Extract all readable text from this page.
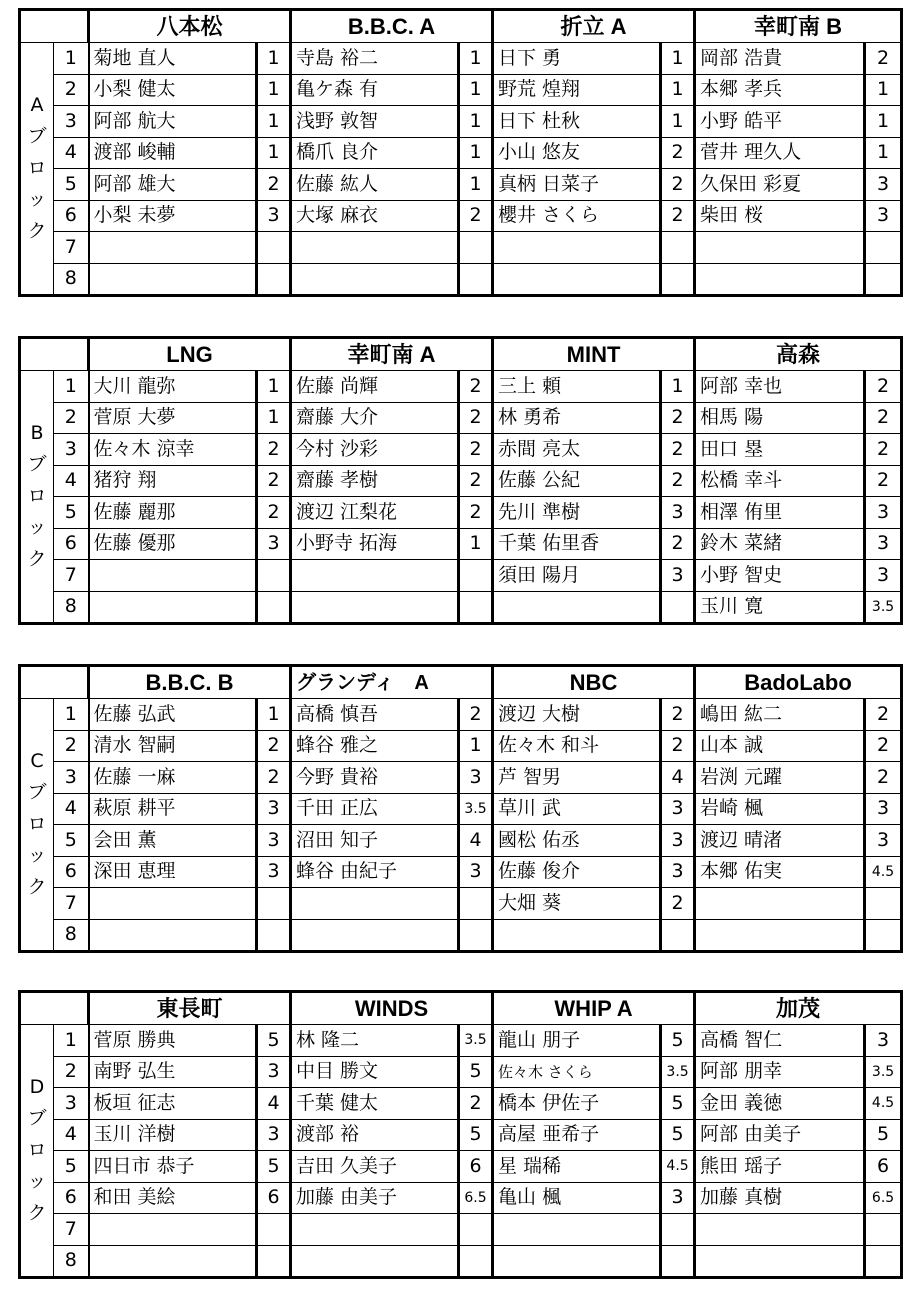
		八本松		B.B.C. A		折立 A		幸町南 B	

A
ブ
ロ
ッ
ク	1	菊地 直人	1	寺島 裕二	1	日下 勇	1	岡部 浩貴	2
	2	小梨 健太	1	亀ケ森 有	1	野荒 煌翔	1	本郷 孝兵	1
	3	阿部 航大	1	浅野 敦智	1	日下 杜秋	1	小野 皓平	1
	4	渡部 峻輔	1	橋爪 良介	1	小山 悠友	2	菅井 理久人	1
	5	阿部 雄大	2	佐藤 紘人	1	真柄 日菜子	2	久保田 彩夏	3
	6	小梨 未夢	3	大塚 麻衣	2	櫻井 さくら	2	柴田 桜	3
	7								
	8								
		LNG		幸町南 A		MINT		高森	

B
ブ
ロ
ッ
ク	1	大川 龍弥	1	佐藤 尚輝	2	三上 頼	1	阿部 幸也	2
	2	菅原 大夢	1	齋藤 大介	2	林 勇希	2	相馬 陽	2
	3	佐々木 涼幸	2	今村 沙彩	2	赤間 亮太	2	田口 塁	2
	4	猪狩 翔	2	齋藤 孝樹	2	佐藤 公紀	2	松橋 幸斗	2
	5	佐藤 麗那	2	渡辺 江梨花	2	先川 準樹	3	相澤 侑里	3
	6	佐藤 優那	3	小野寺 拓海	1	千葉 佑里香	2	鈴木 菜緒	3
	7					須田 陽月	3	小野 智史	3
	8							玉川 寛	3.5
		B.B.C. B		グランディ　A		NBC		BadoLabo	

C
ブ
ロ
ッ
ク	1	佐藤 弘武	1	高橋 慎吾	2	渡辺 大樹	2	嶋田 紘二	2
	2	清水 智嗣	2	蜂谷 雅之	1	佐々木 和斗	2	山本 誠	2
	3	佐藤 一麻	2	今野 貴裕	3	芦 智男	4	岩渕 元躍	2
	4	萩原 耕平	3	千田 正広	3.5	草川 武	3	岩崎 楓	3
	5	会田 薫	3	沼田 知子	4	國松 佑丞	3	渡辺 晴渚	3
	6	深田 恵理	3	蜂谷 由紀子	3	佐藤 俊介	3	本郷 佑実	4.5
	7					大畑 葵	2		
	8								
		東長町		WINDS		WHIP A		加茂	

D
ブ
ロ
ッ
ク	1	菅原 勝典	5	林 隆二	3.5	龍山 朋子	5	高橋 智仁	3
	2	南野 弘生	3	中目 勝文	5	佐々木 さくら	3.5	阿部 朋幸	3.5
	3	板垣 征志	4	千葉 健太	2	橋本 伊佐子	5	金田 義徳	4.5
	4	玉川 洋樹	3	渡部 裕	5	高屋 亜希子	5	阿部 由美子	5
	5	四日市 恭子	5	吉田 久美子	6	星 瑞稀	4.5	熊田 瑶子	6
	6	和田 美絵	6	加藤 由美子	6.5	亀山 楓	3	加藤 真樹	6.5
	7								
	8								
